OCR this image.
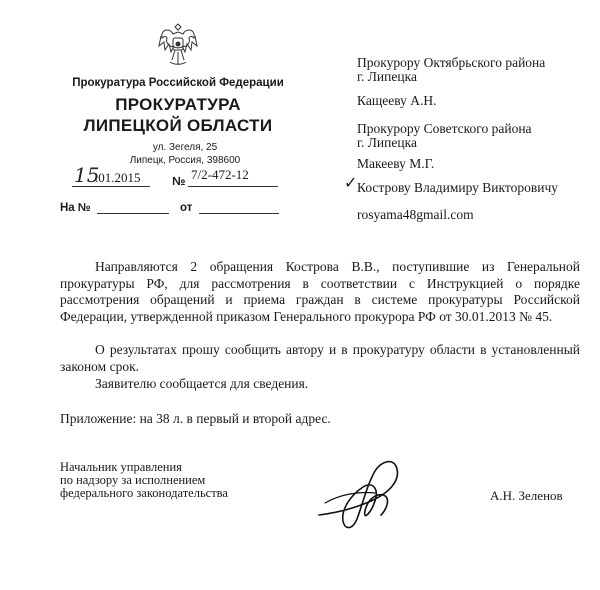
Прокуратура Российской Федерации
ПРОКУРАТУРА
ЛИПЕЦКОЙ ОБЛАСТИ
ул. Зегеля, 25
Липецк, Россия, 398600
15
.01.2015	№ 7/2-472-12
На №	от
Прокурору Октябрьского района
г. Липецка
Кащееву А.Н.
Прокурору Советского района
г. Липецка
Макееву М.Г.
✓ Кострову Владимиру Викторовичу
rosyama48gmail.com
Направляются 2 обращения Кострова В.В., поступившие из Генеральной прокуратуры РФ, для рассмотрения в соответствии с Инструкцией о порядке рассмотрения обращений и приема граждан в системе прокуратуры Российской Федерации, утвержденной приказом Генерального прокурора РФ от 30.01.2013 № 45.
О результатах прошу сообщить автору и в прокуратуру области в установленный законом срок.
Заявителю сообщается для сведения.
Приложение: на 38 л. в первый и второй адрес.
Начальник управления
по надзору за исполнением
федерального законодательства	А.Н. Зеленов
